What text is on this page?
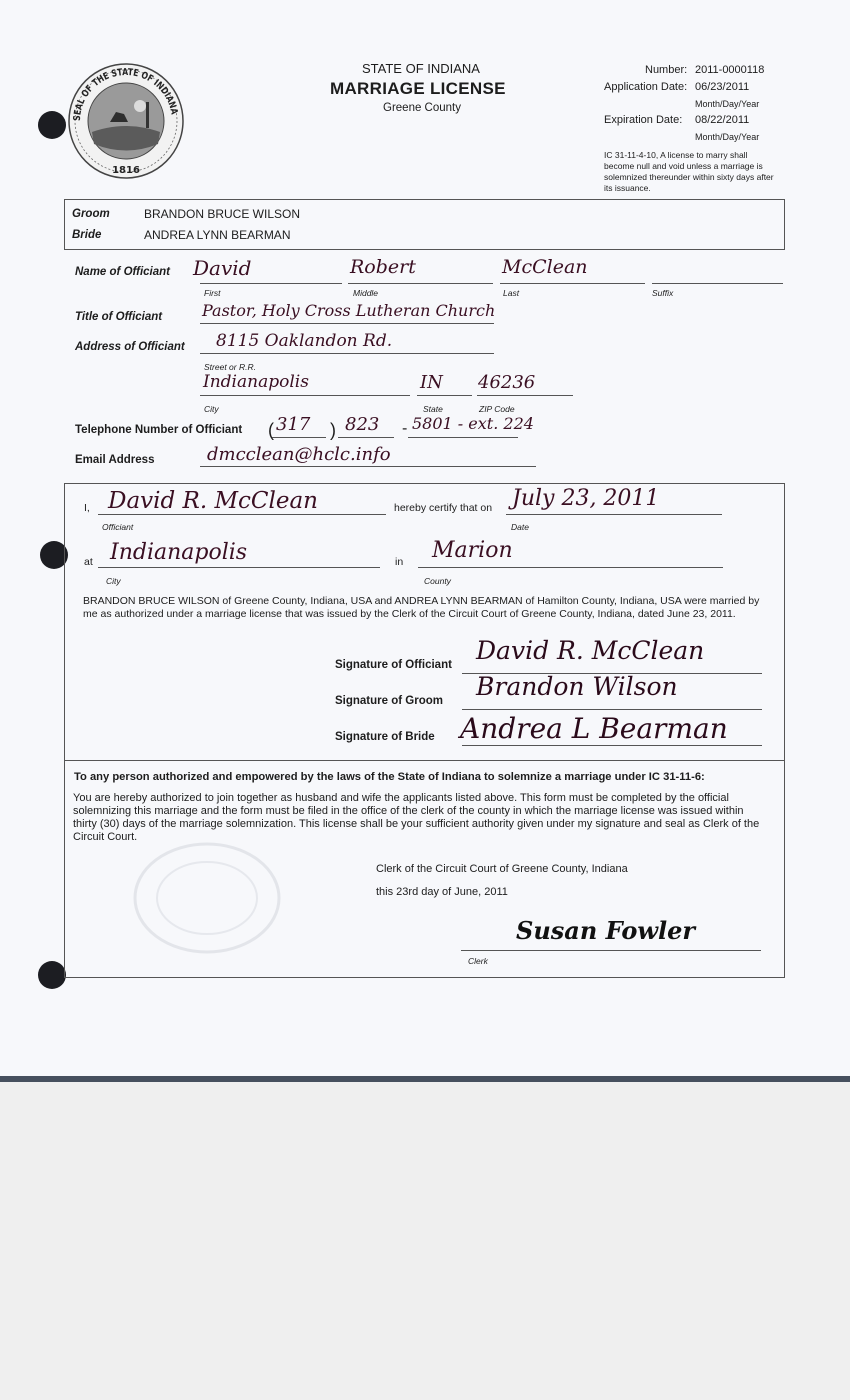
SEAL OF THE STATE OF INDIANA
1816
STATE OF INDIANA
MARRIAGE LICENSE
Greene County
Number: 2011-0000118
Application Date: 06/23/2011
Month/Day/Year
Expiration Date: 08/22/2011
Month/Day/Year
IC 31-11-4-10, A license to marry shall become null and void unless a marriage is solemnized thereunder within sixty days after its issuance.
Groom	BRANDON BRUCE WILSON
Bride	ANDREA LYNN BEARMAN
Name of Officiant David	Robert	McClean
First	Middle	Last	Suffix
Title of Officiant Pastor, Holy Cross Lutheran Church
Address of Officiant 8115 Oaklandon Rd.
Street or R.R.
Indianapolis	IN 46236
City	State	ZIP Code
Telephone Number of Officiant ( 317 ) 823 - 5801 - ext. 224
Email Address	dmcclean@hclc.info
I, David R. McClean
Officiant
hereby certify that on July 23, 2011
Date
at Indianapolis
City
in Marion
County
BRANDON BRUCE WILSON of Greene County, Indiana, USA and ANDREA LYNN BEARMAN of Hamilton County, Indiana, USA were married by me as authorized under a marriage license that was issued by the Clerk of the Circuit Court of Greene County, Indiana, dated June 23, 2011.
Signature of Officiant David R. McClean
Signature of Groom Brandon Wilson
Signature of Bride Andrea L Bearman
To any person authorized and empowered by the laws of the State of Indiana to solemnize a marriage under IC 31-11-6:
You are hereby authorized to join together as husband and wife the applicants listed above. This form must be completed by the official solemnizing this marriage and the form must be filed in the office of the clerk of the county in which the marriage license was issued within thirty (30) days of the marriage solemnization. This license shall be your sufficient authority given under my signature and seal as Clerk of the Circuit Court.
Clerk of the Circuit Court of Greene County, Indiana
this 23rd day of June, 2011
Susan Fowler
Clerk
